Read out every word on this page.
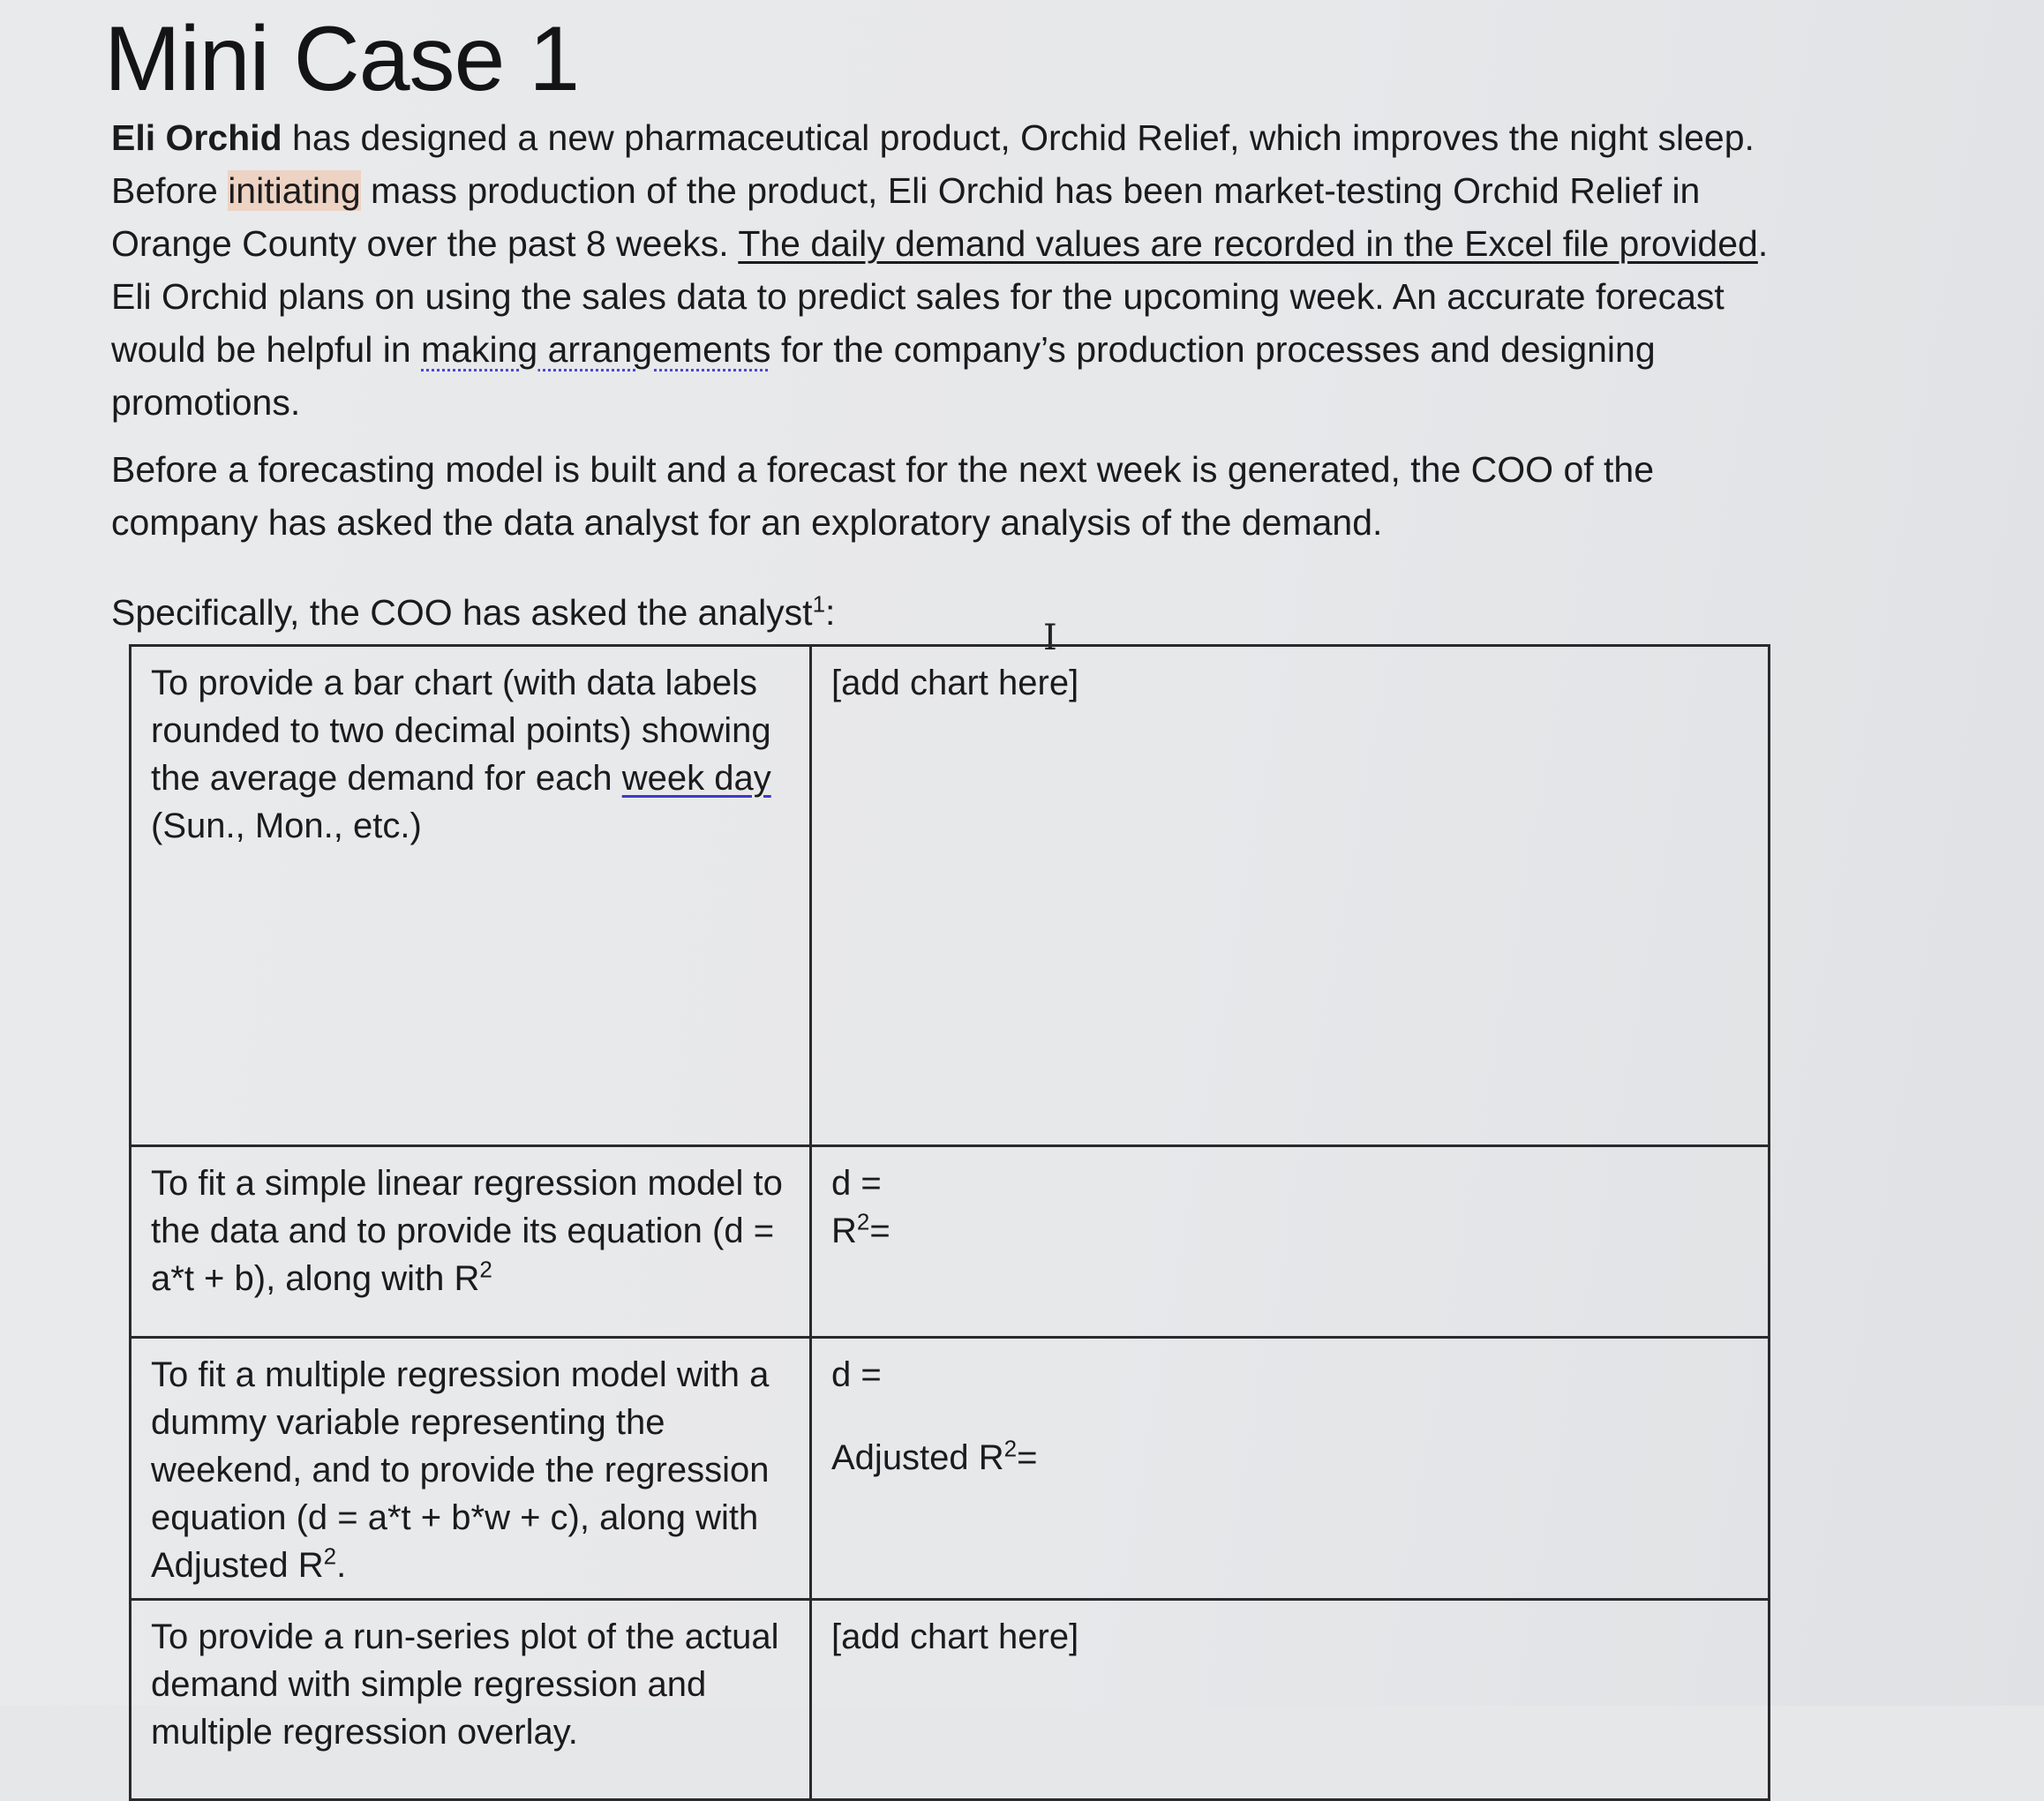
Mini Case 1

Eli Orchid has designed a new pharmaceutical product, Orchid Relief, which improves the night sleep. Before initiating mass production of the product, Eli Orchid has been market-testing Orchid Relief in Orange County over the past 8 weeks. The daily demand values are recorded in the Excel file provided. Eli Orchid plans on using the sales data to predict sales for the upcoming week. An accurate forecast would be helpful in making arrangements for the company’s production processes and designing promotions.

Before a forecasting model is built and a forecast for the next week is generated, the COO of the company has asked the data analyst for an exploratory analysis of the demand.

Specifically, the COO has asked the analyst$^1$:

I
To provide a bar chart (with data labels rounded to two decimal points) showing the average demand for each week day (Sun., Mon., etc.)	[add chart here]
To fit a simple linear regression model to the data and to provide its equation (d = a*t + b), along with $R^2$	d =
$R^2=$

To fit a multiple regression model with a dummy variable representing the weekend, and to provide the regression equation (d = a*t + b*w + c), along with Adjusted $R^2$.	d =
Adjusted $R^2=$

To provide a run-series plot of the actual demand with simple regression and multiple regression overlay.	[add chart here]
